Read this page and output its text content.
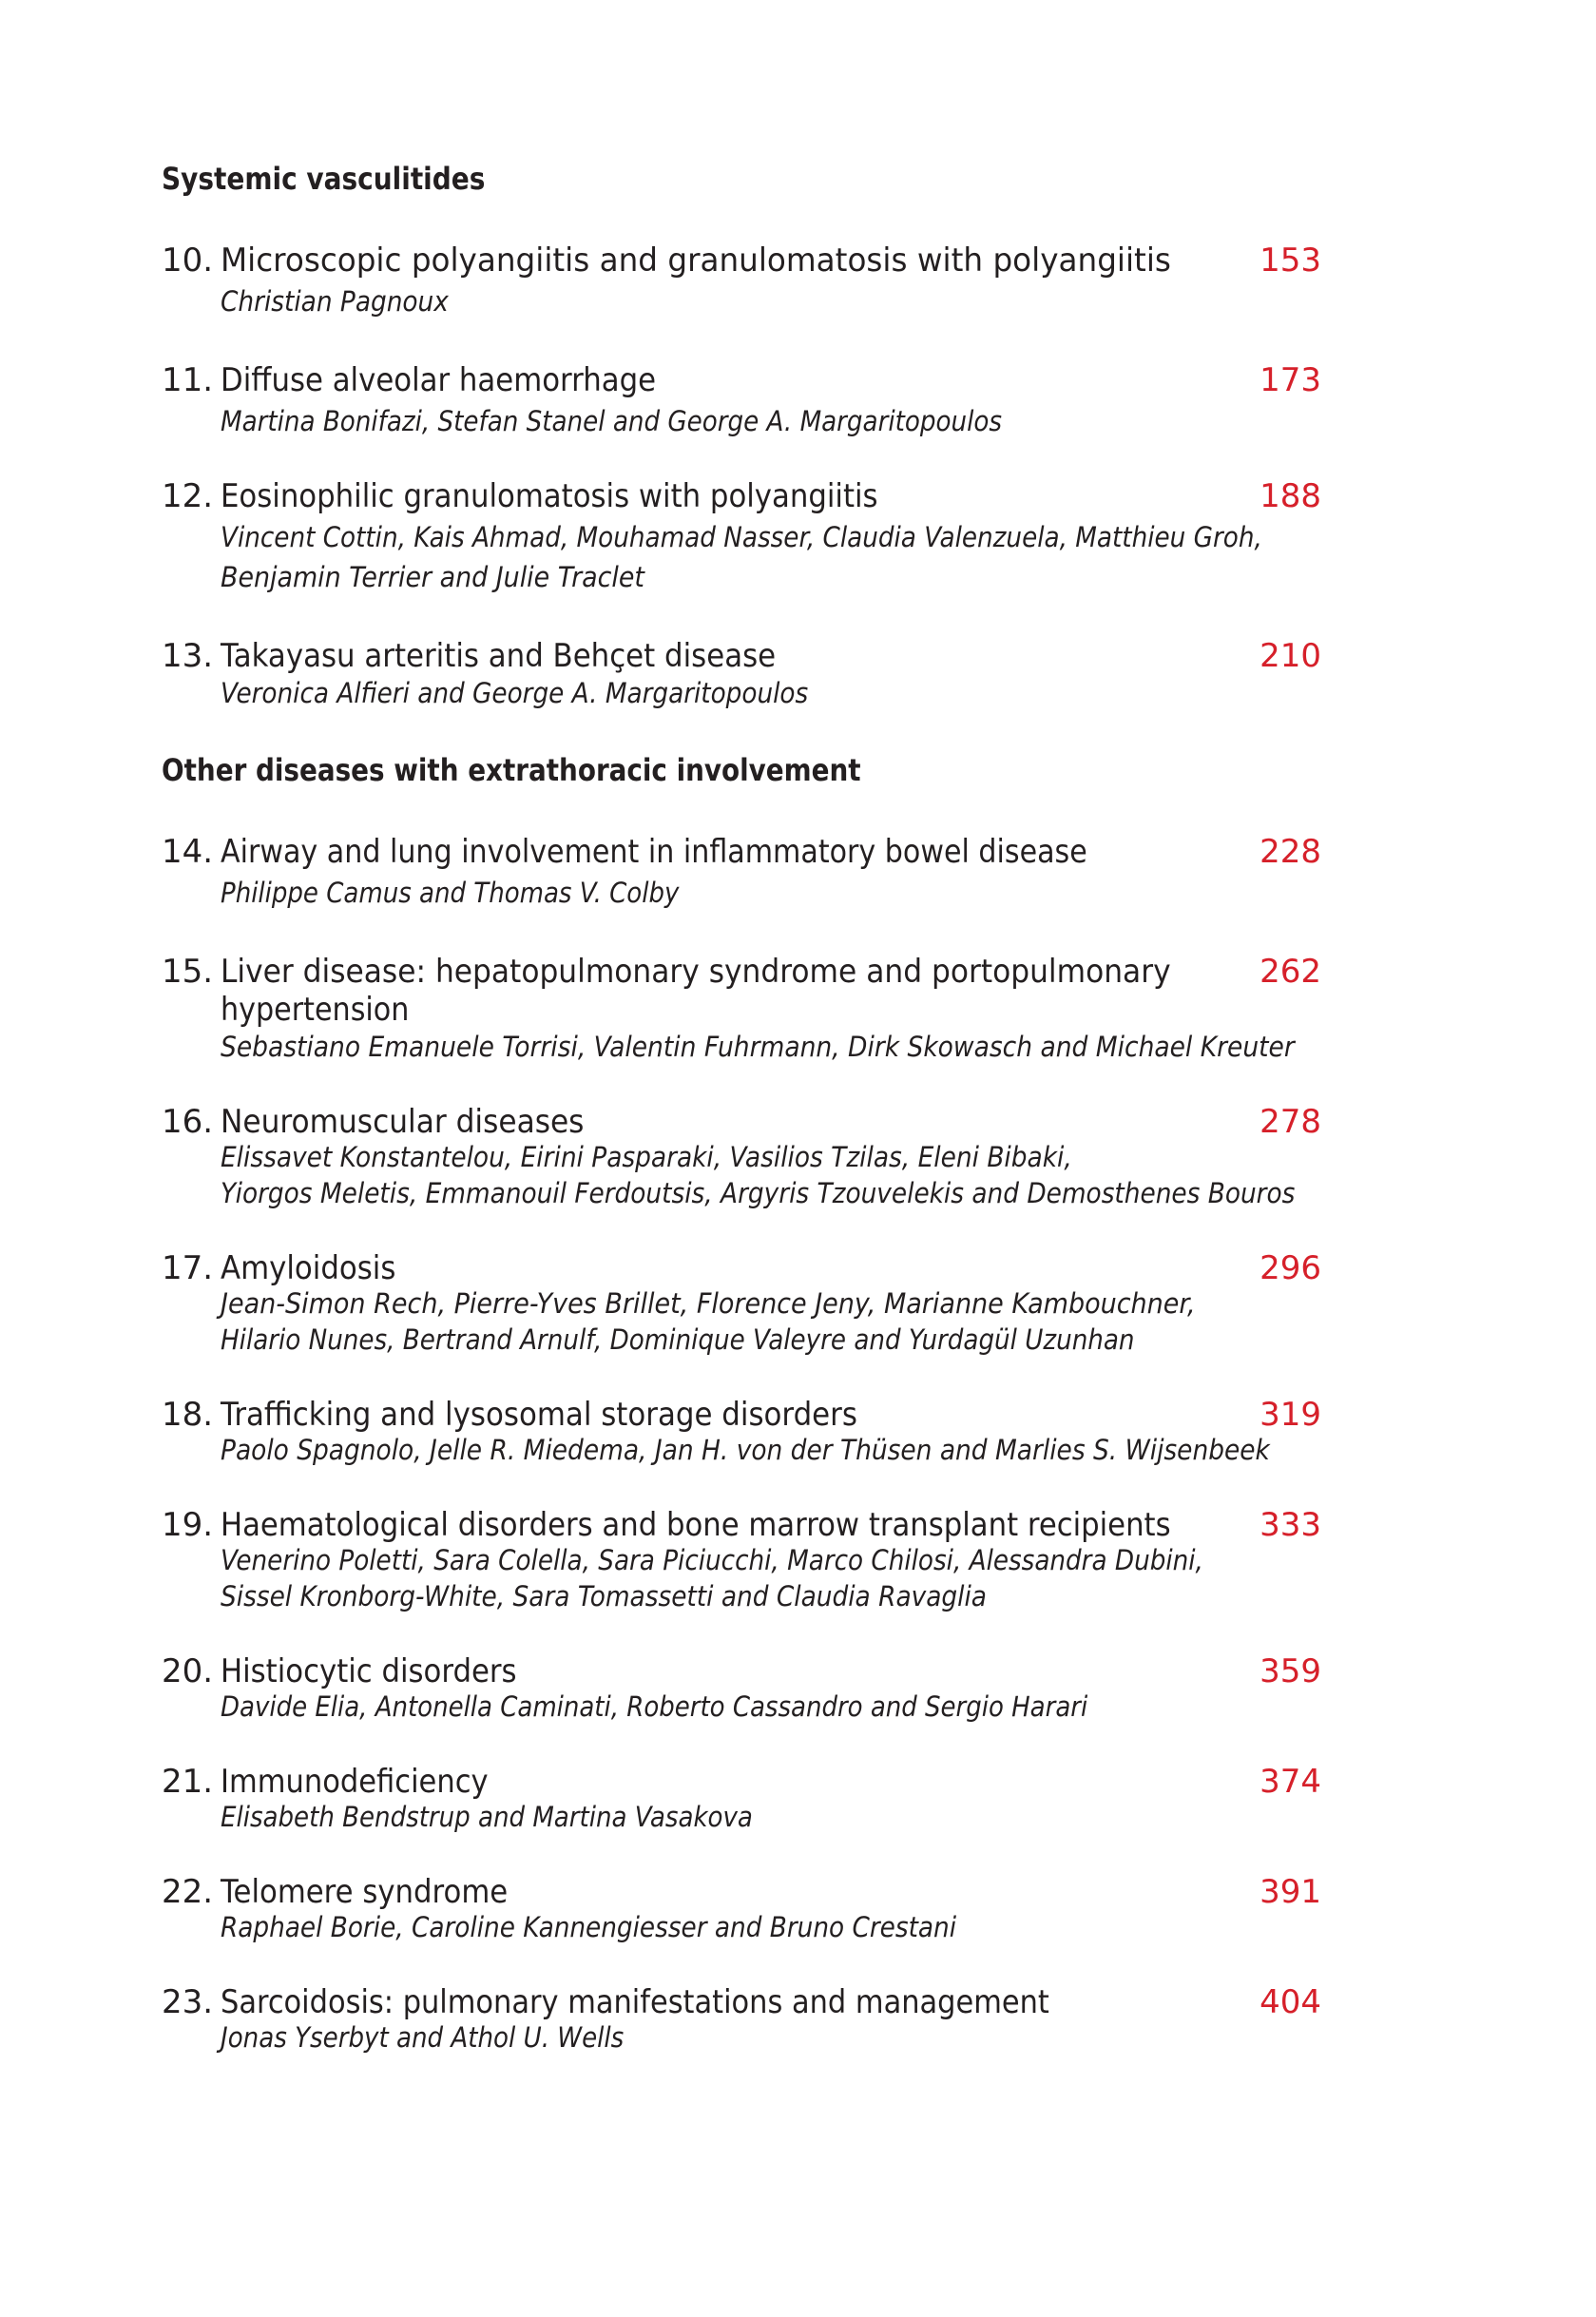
Systemic vasculitides
10. Microscopic polyangiitis and granulomatosis with polyangiitis
Christian Pagnoux
153
11. Diffuse alveolar haemorrhage
Martina Bonifazi, Stefan Stanel and George A. Margaritopoulos
173
12. Eosinophilic granulomatosis with polyangiitis
Vincent Cottin, Kais Ahmad, Mouhamad Nasser, Claudia Valenzuela, Matthieu Groh,
Benjamin Terrier and Julie Traclet
188
13. Takayasu arteritis and Behçet disease
Veronica Alfieri and George A. Margaritopoulos
210
Other diseases with extrathoracic involvement
14. Airway and lung involvement in inflammatory bowel disease
Philippe Camus and Thomas V. Colby
228
15. Liver disease: hepatopulmonary syndrome and portopulmonary
hypertension
Sebastiano Emanuele Torrisi, Valentin Fuhrmann, Dirk Skowasch and Michael Kreuter
262
16. Neuromuscular diseases
Elissavet Konstantelou, Eirini Pasparaki, Vasilios Tzilas, Eleni Bibaki,
Yiorgos Meletis, Emmanouil Ferdoutsis, Argyris Tzouvelekis and Demosthenes Bouros
278
17. Amyloidosis
Jean-Simon Rech, Pierre-Yves Brillet, Florence Jeny, Marianne Kambouchner,
Hilario Nunes, Bertrand Arnulf, Dominique Valeyre and Yurdagül Uzunhan
296
18. Trafficking and lysosomal storage disorders
Paolo Spagnolo, Jelle R. Miedema, Jan H. von der Thüsen and Marlies S. Wijsenbeek
319
19. Haematological disorders and bone marrow transplant recipients
Venerino Poletti, Sara Colella, Sara Piciucchi, Marco Chilosi, Alessandra Dubini,
Sissel Kronborg-White, Sara Tomassetti and Claudia Ravaglia
333
20. Histiocytic disorders
Davide Elia, Antonella Caminati, Roberto Cassandro and Sergio Harari
359
21. Immunodeficiency
Elisabeth Bendstrup and Martina Vasakova
374
22. Telomere syndrome
Raphael Borie, Caroline Kannengiesser and Bruno Crestani
391
23. Sarcoidosis: pulmonary manifestations and management
Jonas Yserbyt and Athol U. Wells
404
